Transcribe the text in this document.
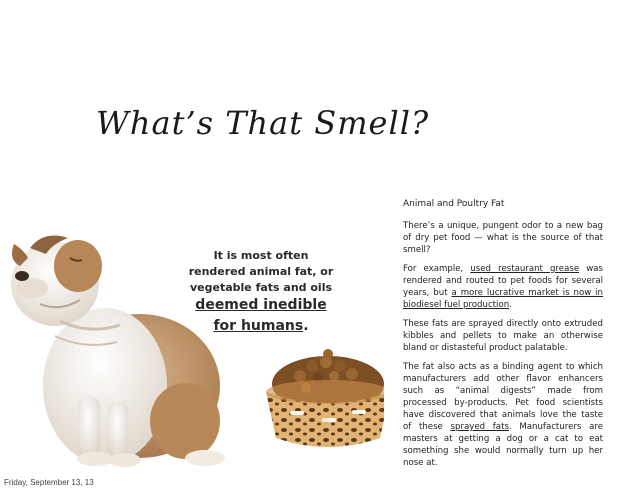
What’s That Smell?
It is most often
rendered animal fat, or
vegetable fats and oils
deemed inedible
for humans.
Animal and Poultry Fat

There’s a unique, pungent odor to a new bag of dry pet food — what is the source of that smell?

For example, used restaurant grease was rendered and routed to pet foods for several years, but a more lucrative market is now in biodiesel fuel production.

These fats are sprayed directly onto extruded kibbles and pellets to make an otherwise bland or distasteful product palatable.

The fat also acts as a binding agent to which manufacturers add other flavor enhancers such as “animal digests” made from processed by-products. Pet food scientists have discovered that animals love the taste of these sprayed fats. Manufacturers are masters at getting a dog or a cat to eat something she would normally turn up her nose at.

Friday, September 13, 13
